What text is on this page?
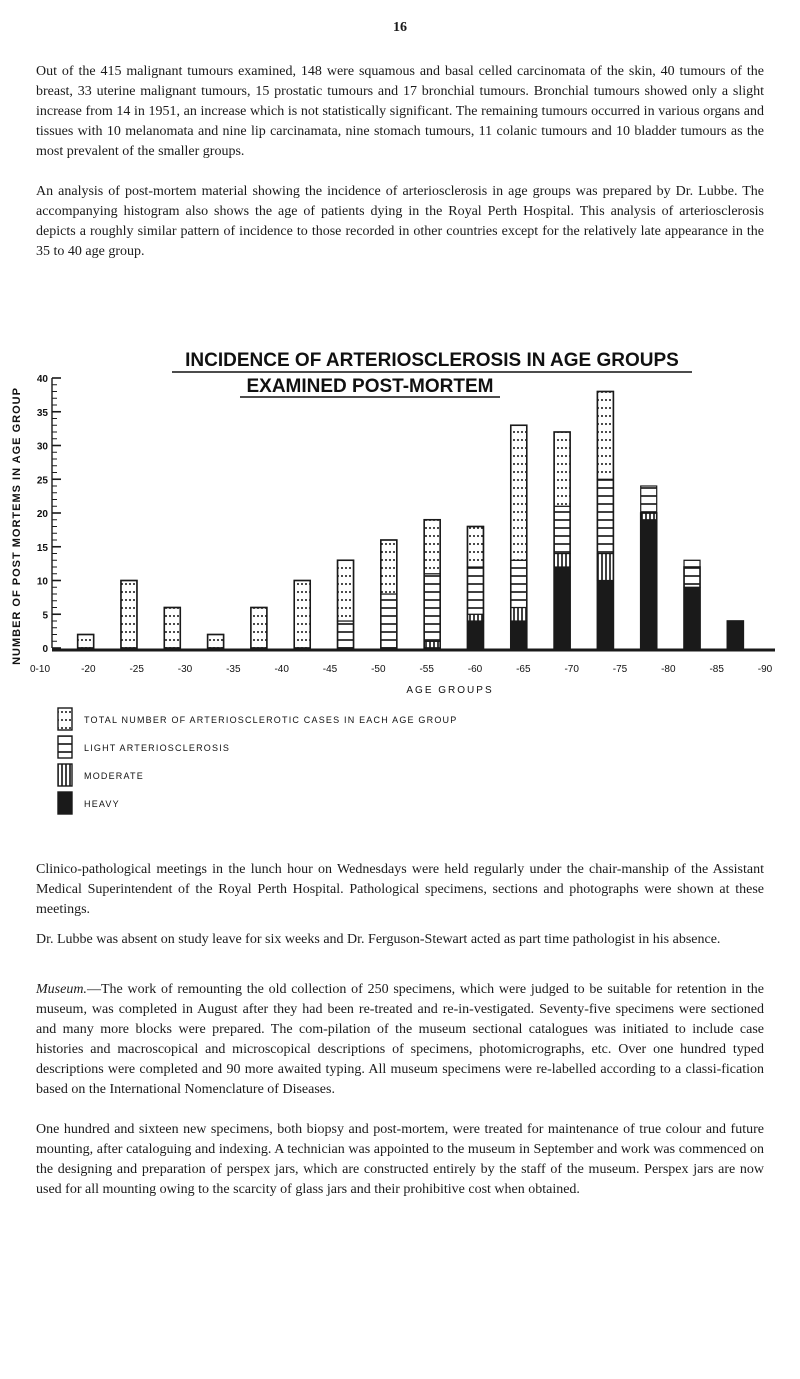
16

Out of the 415 malignant tumours examined, 148 were squamous and basal celled carcinomata of the skin, 40 tumours of the breast, 33 uterine malignant tumours, 15 prostatic tumours and 17 bronchial tumours. Bronchial tumours showed only a slight increase from 14 in 1951, an increase which is not statistically significant. The remaining tumours occurred in various organs and tissues with 10 melanomata and nine lip carcinamata, nine stomach tumours, 11 colanic tumours and 10 bladder tumours as the most prevalent of the smaller groups.

An analysis of post-mortem material showing the incidence of arteriosclerosis in age groups was prepared by Dr. Lubbe. The accompanying histogram also shows the age of patients dying in the Royal Perth Hospital. This analysis of arteriosclerosis depicts a roughly similar pattern of incidence to those recorded in other countries except for the relatively late appearance in the 35 to 40 age group.

INCIDENCE OF ARTERIOSCLEROSIS IN AGE GROUPS
EXAMINED POST-MORTEM
NUMBER OF POST MORTEMS IN AGE GROUP 0
5
10
15
20
25
30
35
40
0-10	-20	-25	-30	-35	-40	-45	-50	-55	-60	-65	-70	-75	-80	-85	-90
AGE GROUPS
TOTAL NUMBER OF ARTERIOSCLEROTIC CASES IN EACH AGE GROUP
LIGHT ARTERIOSCLEROSIS
MODERATE
HEAVY

Clinico-pathological meetings in the lunch hour on Wednesdays were held regularly under the chair-manship of the Assistant Medical Superintendent of the Royal Perth Hospital. Pathological specimens, sections and photographs were shown at these meetings.

Dr. Lubbe was absent on study leave for six weeks and Dr. Ferguson-Stewart acted as part time pathologist in his absence.

Museum.—The work of remounting the old collection of 250 specimens, which were judged to be suitable for retention in the museum, was completed in August after they had been re-treated and re-in-vestigated. Seventy-five specimens were sectioned and many more blocks were prepared. The com-pilation of the museum sectional catalogues was initiated to include case histories and macroscopical and microscopical descriptions of specimens, photomicrographs, etc. Over one hundred typed descriptions were completed and 90 more awaited typing. All museum specimens were re-labelled according to a classi-fication based on the International Nomenclature of Diseases.

One hundred and sixteen new specimens, both biopsy and post-mortem, were treated for maintenance of true colour and future mounting, after cataloguing and indexing. A technician was appointed to the museum in September and work was commenced on the designing and preparation of perspex jars, which are constructed entirely by the staff of the museum. Perspex jars are now used for all mounting owing to the scarcity of glass jars and their prohibitive cost when obtained.
